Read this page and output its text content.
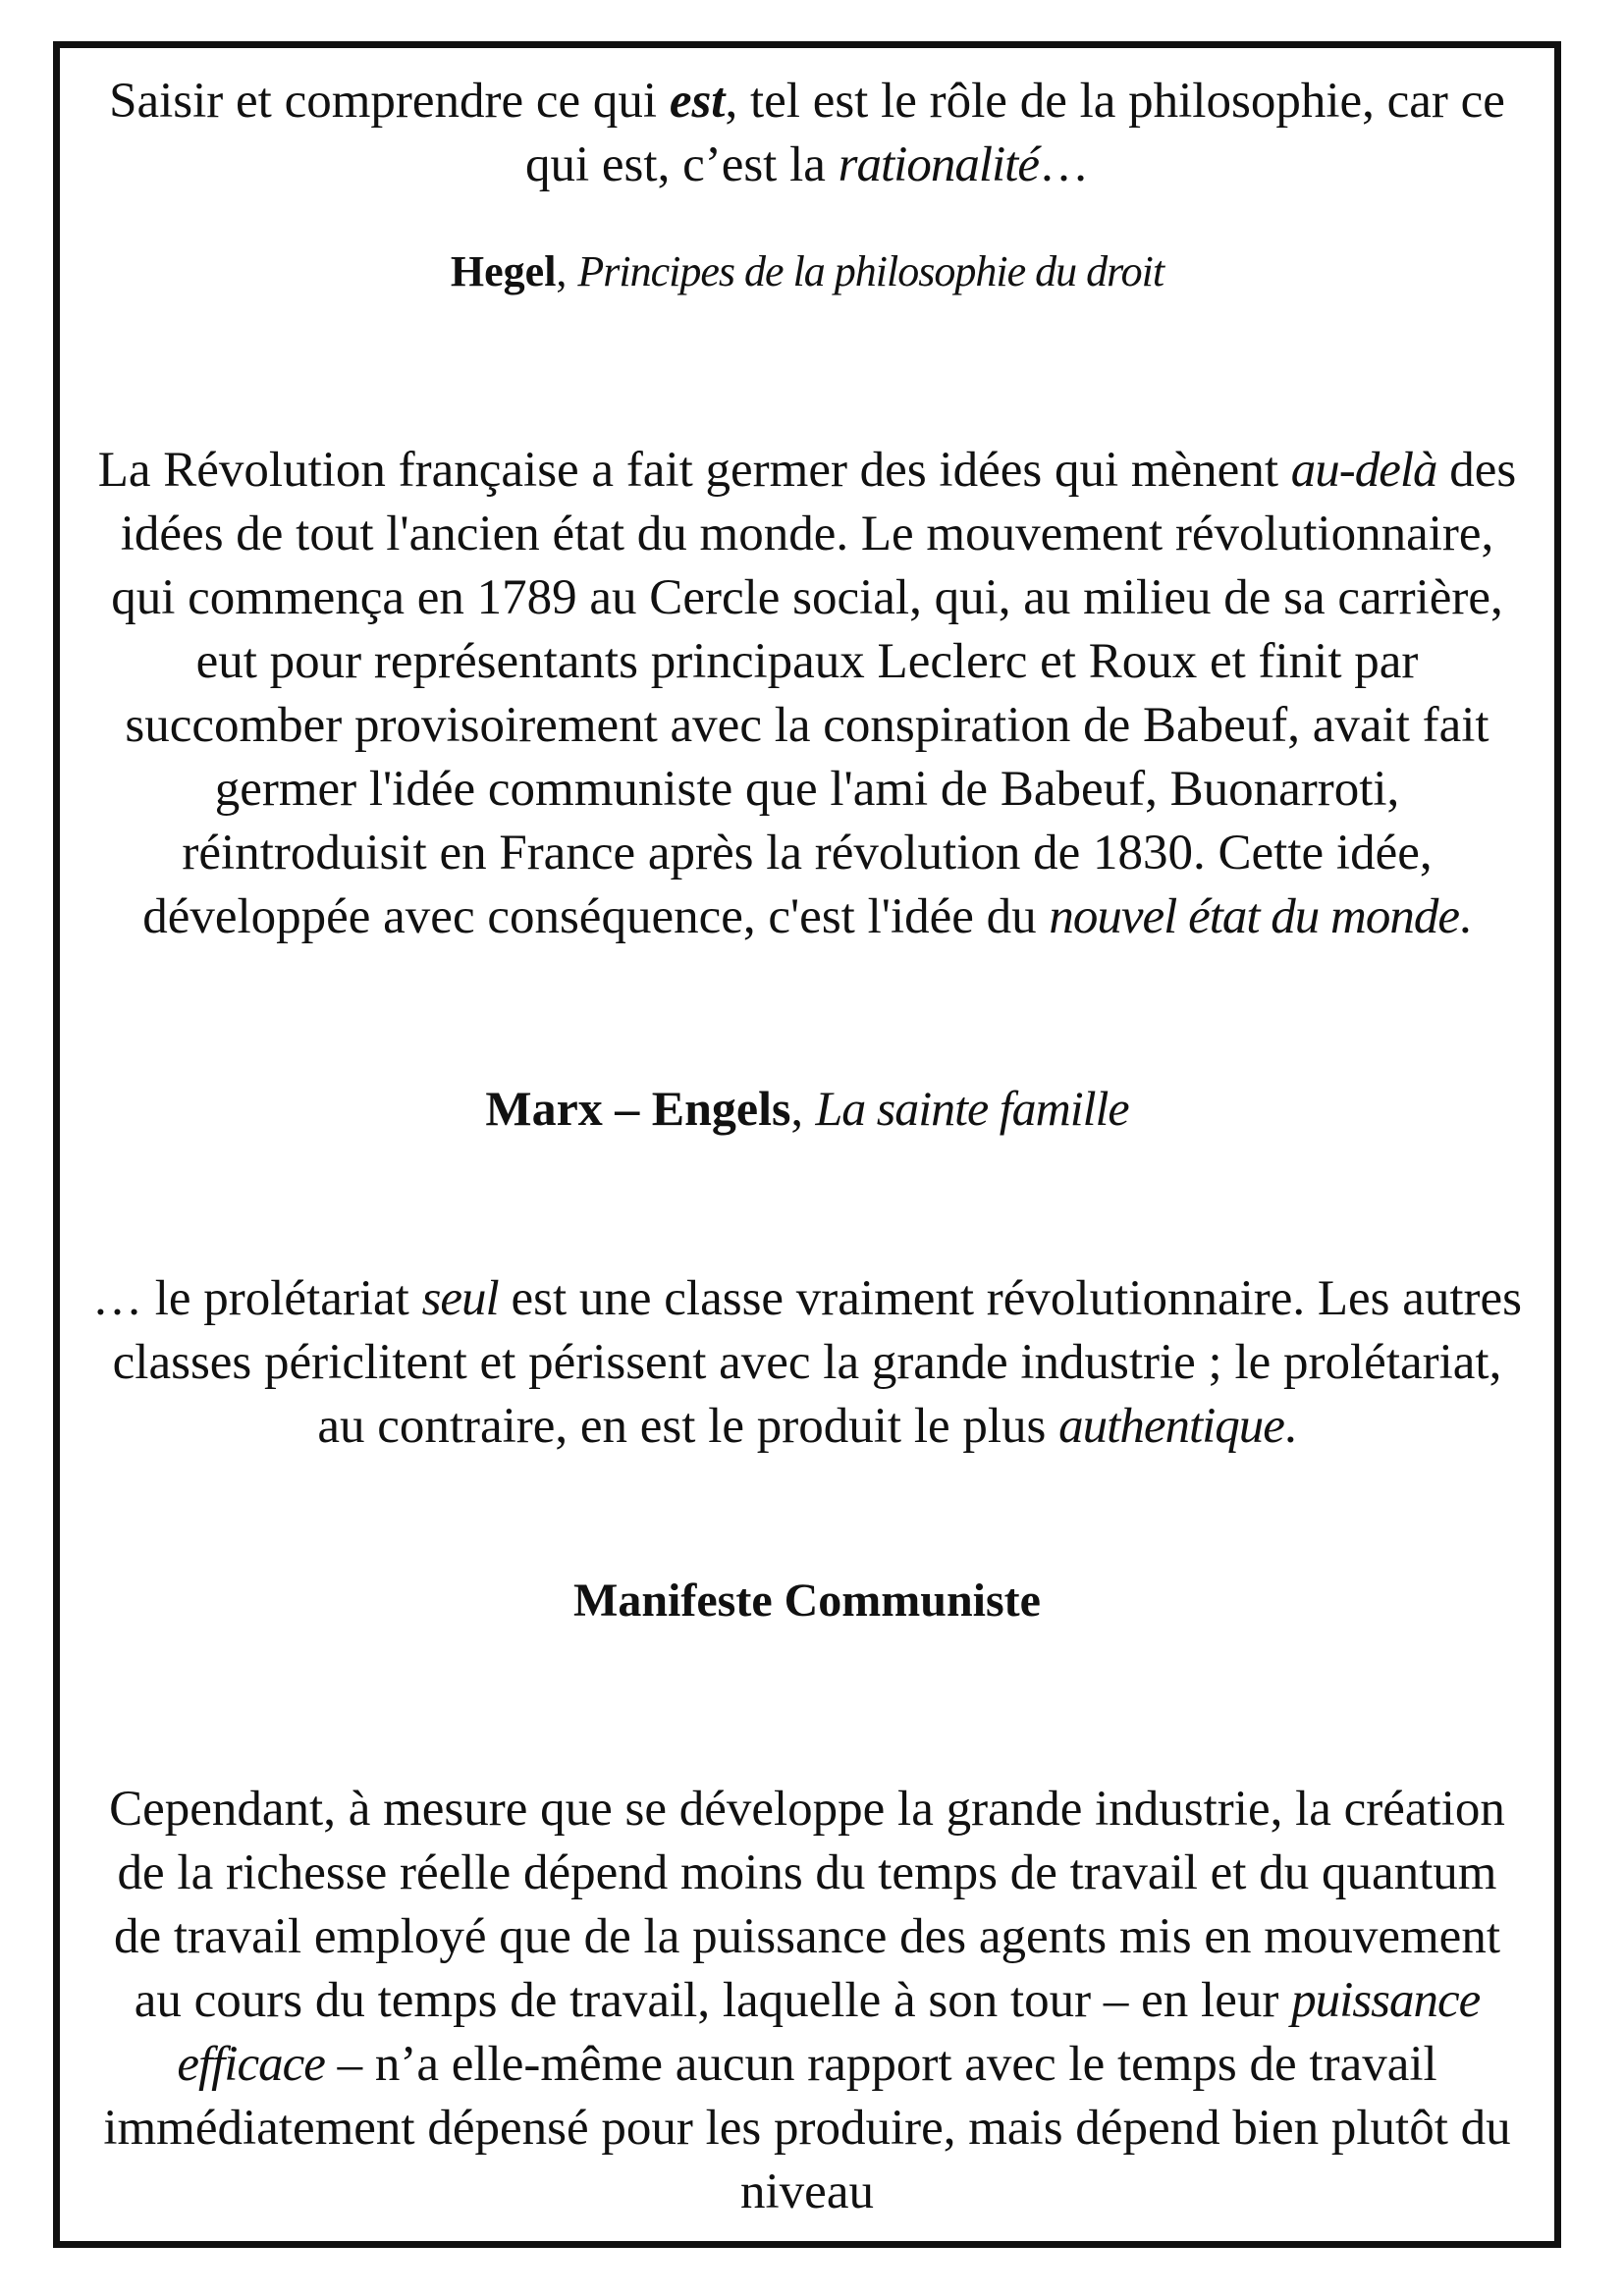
Saisir et comprendre ce qui est, tel est le rôle de la philosophie, car ce qui est, c’est la rationalité…

Hegel, Principes de la philosophie du droit

La Révolution française a fait germer des idées qui mènent au-delà des idées de tout l'ancien état du monde. Le mouvement révolutionnaire, qui commença en 1789 au Cercle social, qui, au milieu de sa carrière, eut pour représentants principaux Leclerc et Roux et finit par succomber provisoirement avec la conspiration de Babeuf, avait fait germer l'idée communiste que l'ami de Babeuf, Buonarroti, réintroduisit en France après la révolution de 1830. Cette idée, développée avec conséquence, c'est l'idée du nouvel état du monde.

Marx – Engels, La sainte famille

… le prolétariat seul est une classe vraiment révolutionnaire. Les autres classes périclitent et périssent avec la grande industrie ; le prolétariat, au contraire, en est le produit le plus authentique.

Manifeste Communiste

Cependant, à mesure que se développe la grande industrie, la création de la richesse réelle dépend moins du temps de travail et du quantum de travail employé que de la puissance des agents mis en mouvement au cours du temps de travail, laquelle à son tour – en leur puissance efficace – n’a elle-même aucun rapport avec le temps de travail immédiatement dépensé pour les produire, mais dépend bien plutôt du niveau
